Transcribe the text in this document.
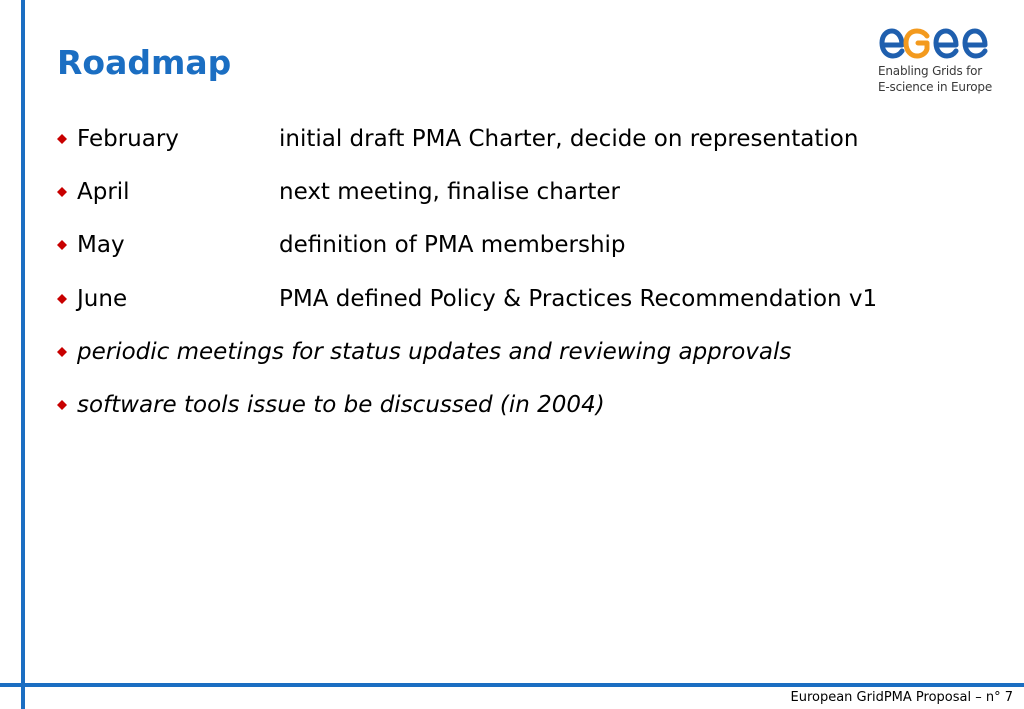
Roadmap	Enabling Grids for
E-science in Europe
February	initial draft PMA Charter, decide on representation
April	next meeting, finalise charter
May	definition of PMA membership
June	PMA defined Policy & Practices Recommendation v1
periodic meetings for status updates and reviewing approvals
software tools issue to be discussed (in 2004)
European GridPMA Proposal – n° 7
